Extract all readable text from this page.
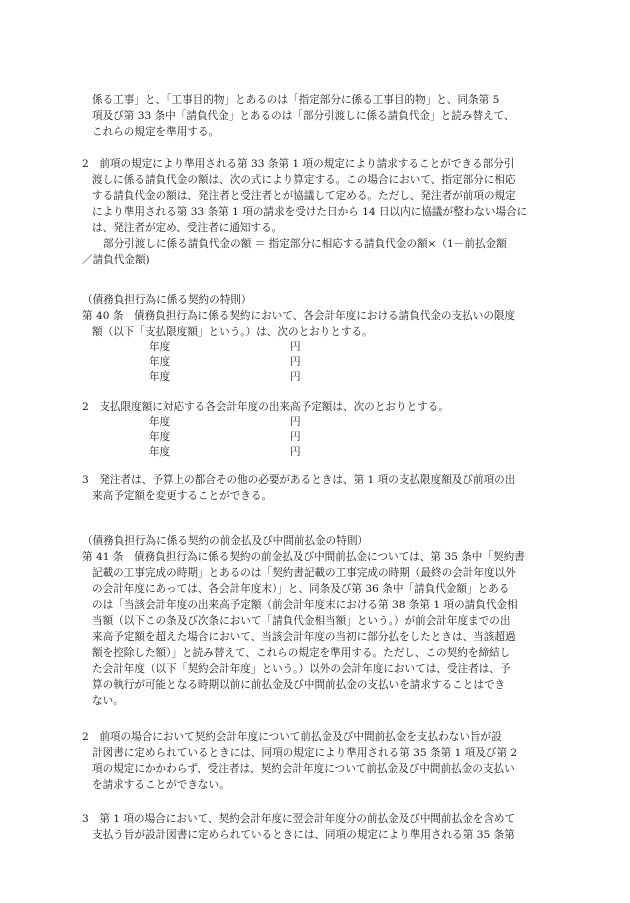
係る工事」と、「工事目的物」とあるのは「指定部分に係る工事目的物」と、同条第 5
項及び第 33 条中「請負代金」とあるのは「部分引渡しに係る請負代金」と読み替えて、
これらの規定を準用する。
2　前項の規定により準用される第 33 条第 1 項の規定により請求することができる部分引
渡しに係る請負代金の額は、次の式により算定する。この場合において、指定部分に相応
する請負代金の額は、発注者と受注者とが協議して定める。ただし、発注者が前項の規定
により準用される第 33 条第 1 項の請求を受けた日から 14 日以内に協議が整わない場合に
は、発注者が定め、受注者に通知する。
部分引渡しに係る請負代金の額 ＝ 指定部分に相応する請負代金の額×（1－前払金額
／請負代金額)
（債務負担行為に係る契約の特則）
第 40 条　債務負担行為に係る契約において、各会計年度における請負代金の支払いの限度
額（以下「支払限度額」という。）は、次のとおりとする。
年度	円
年度	円
年度	円
2　支払限度額に対応する各会計年度の出来高予定額は、次のとおりとする。
年度	円
年度	円
年度	円
3　発注者は、予算上の都合その他の必要があるときは、第 1 項の支払限度額及び前項の出
来高予定額を変更することができる。
（債務負担行為に係る契約の前金払及び中間前払金の特則）
第 41 条　債務負担行為に係る契約の前金払及び中間前払金については、第 35 条中「契約書
記載の工事完成の時期」とあるのは「契約書記載の工事完成の時期（最終の会計年度以外
の会計年度にあっては、各会計年度末）」と、同条及び第 36 条中「請負代金額」とある
のは「当該会計年度の出来高予定額（前会計年度末における第 38 条第 1 項の請負代金相
当額（以下この条及び次条において「請負代金相当額」という。）が前会計年度までの出
来高予定額を超えた場合において、当該会計年度の当初に部分払をしたときは、当該超過
額を控除した額）」と読み替えて、これらの規定を準用する。ただし、この契約を締結し
た会計年度（以下「契約会計年度」という。）以外の会計年度においては、受注者は、予
算の執行が可能となる時期以前に前払金及び中間前払金の支払いを請求することはでき
ない。
2　前項の場合において契約会計年度について前払金及び中間前払金を支払わない旨が設
計図書に定められているときには、同項の規定により準用される第 35 条第 1 項及び第 2
項の規定にかかわらず、受注者は、契約会計年度について前払金及び中間前払金の支払い
を請求することができない。
3　第 1 項の場合において、契約会計年度に翌会計年度分の前払金及び中間前払金を含めて
支払う旨が設計図書に定められているときには、同項の規定により準用される第 35 条第
